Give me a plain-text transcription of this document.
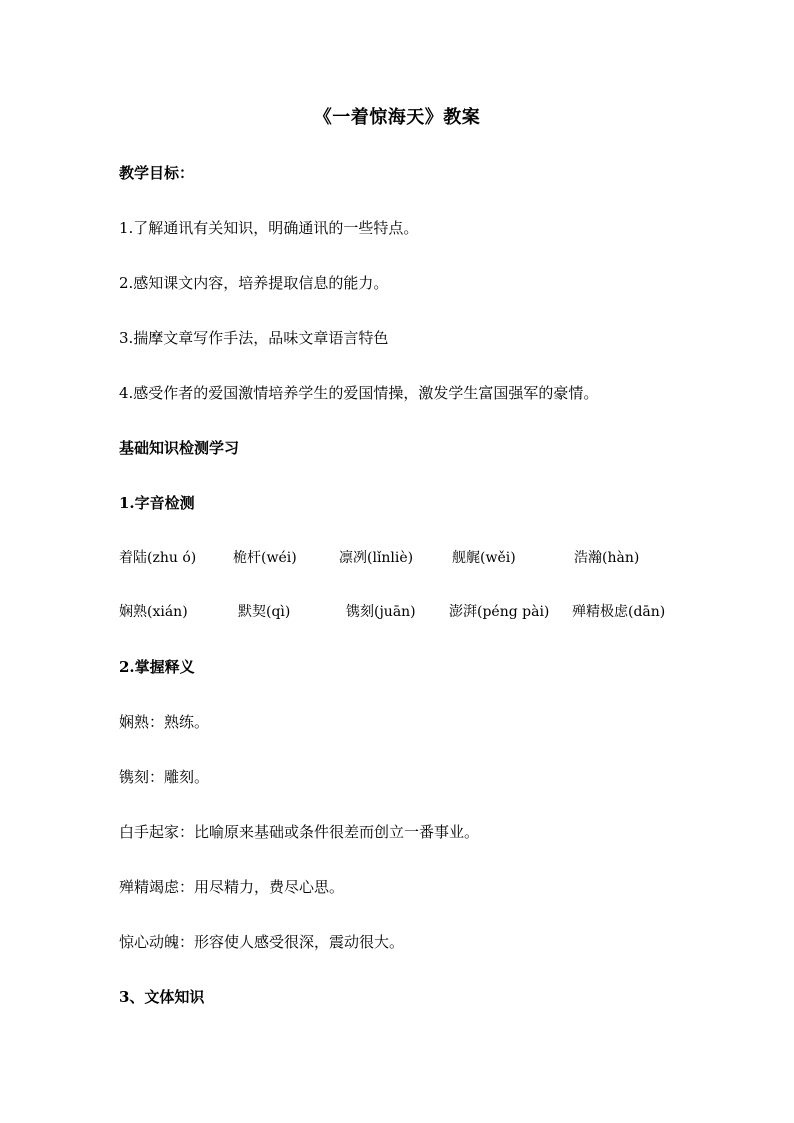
《一着惊海天》教案

教学目标：

1.了解通讯有关知识，明确通讯的一些特点。

2.感知课文内容，培养提取信息的能力。

3.揣摩文章写作手法，品味文章语言特色

4.感受作者的爱国激情培养学生的爱国情操，激发学生富国强军的豪情。

基础知识检测学习

1.字音检测

着陆(zhu ó)	桅杆(wéi)	凛冽(lǐnliè)	舰艉(wěi)	浩瀚(hàn)
娴熟(xián)	默契(qì)	镌刻(juān) 澎湃(péng pài) 殚精极虑(dān)

2.掌握释义

娴熟：熟练。

镌刻：雕刻。

白手起家：比喻原来基础或条件很差而创立一番事业。

殚精竭虑：用尽精力，费尽心思。

惊心动魄：形容使人感受很深，震动很大。

3、文体知识
